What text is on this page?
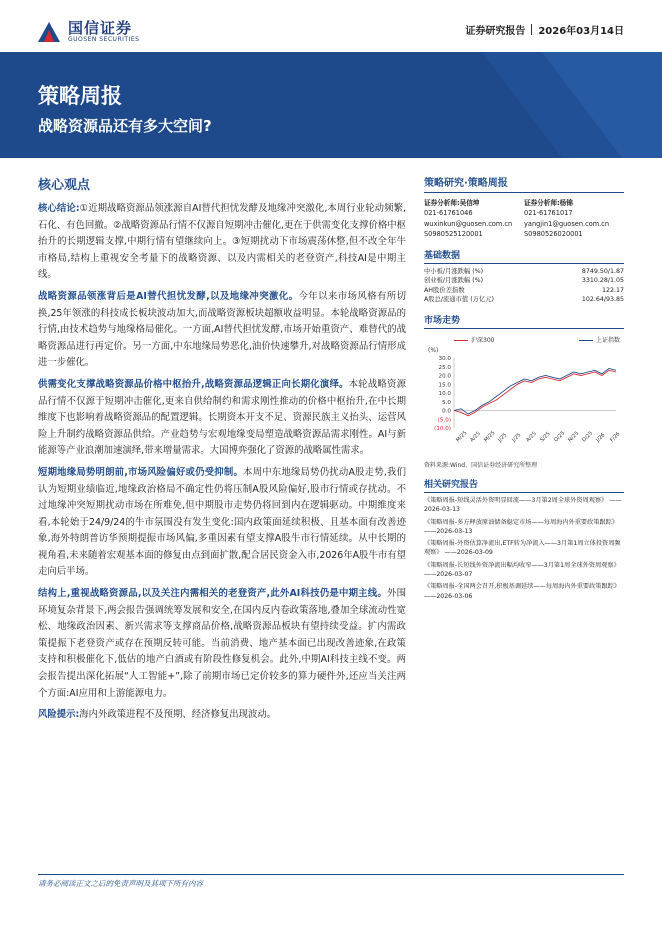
国信证券
GUOSEN SECURITIES
证券研究报告 2026年03月14日
策略周报
战略资源品还有多大空间?
核心观点

核心结论:①近期战略资源品领涨源自AI替代担忧发酵及地缘冲突激化,本周行业轮动频繁,石化、有色回撤。②战略资源品行情不仅源自短期冲击催化,更在于供需变化支撑价格中枢抬升的长期逻辑支撑,中期行情有望继续向上。③短期扰动下市场震荡休整,但不改全年牛市格局,结构上重视安全考量下的战略资源、以及内需相关的老登资产,科技AI是中期主线。

战略资源品领涨背后是AI替代担忧发酵,以及地缘冲突激化。今年以来市场风格有所切换,25年领涨的科技成长板块波动加大,而战略资源板块超额收益明显。本轮战略资源品的行情,由技术趋势与地缘格局催化。一方面,AI替代担忧发酵,市场开始重资产、难替代的战略资源品进行再定价。另一方面,中东地缘局势恶化,油价快速攀升,对战略资源品行情形成进一步催化。

供需变化支撑战略资源品价格中枢抬升,战略资源品逻辑正向长期化演绎。本轮战略资源品行情不仅源于短期冲击催化,更来自供给制约和需求刚性推动的价格中枢抬升,在中长期维度下也影响着战略资源品的配置逻辑。长期资本开支不足、资源民族主义抬头、运营风险上升制约战略资源品供给。产业趋势与宏观地缘变局塑造战略资源品需求刚性。AI与新能源等产业浪潮加速演绎,带来增量需求。大国博弈强化了资源的战略属性需求。

短期地缘局势明朗前,市场风险偏好或仍受抑制。本周中东地缘局势仍扰动A股走势,我们认为短期业绩临近,地缘政治格局不确定性仍将压制A股风险偏好,股市行情或存扰动。不过地缘冲突短期扰动市场在所难免,但中期股市走势仍将回到内在逻辑驱动。中期维度来看,本轮始于24/9/24的牛市氛围没有发生变化:国内政策面延续积极、且基本面有改善迹象,海外特朗普访华预期提振市场风偏,多重因素有望支撑A股牛市行情延续。从中长期的视角看,未来随着宏观基本面的修复由点到面扩散,配合居民资金入市,2026年A股牛市有望走向后半场。

结构上,重视战略资源品,以及关注内需相关的老登资产,此外AI科技仍是中期主线。外围环境复杂背景下,两会报告强调统筹发展和安全,在国内反内卷政策落地,叠加全球流动性宽松、地缘政治因素、新兴需求等支撑商品价格,战略资源品板块有望持续受益。扩内需政策提振下老登资产或存在预期反转可能。当前消费、地产基本面已出现改善迹象,在政策支持和积极催化下,低估的地产白酒或有阶段性修复机会。此外,中期AI科技主线不变。两会报告提出深化拓展“人工智能+”,除了前期市场已定价较多的算力硬件外,还应当关注两个方面:AI应用和上游能源电力。

风险提示:海内外政策进程不及预期、经济修复出现波动。

策略研究·策略周报
证券分析师:吴信坤
021-61761046
wuxinkun@guosen.com.cn
S0980525120001
证券分析师:杨锦
021-61761017
yangjin1@guosen.com.cn
S0980526020001
基础数据
中小板/月涨跌幅 (%)	8749.50/1.87
创业板/月涨跌幅 (%)	3310.28/1.05
AH股价差指数	122.17
A股总/流通市值 (万亿元)	102.64/93.85
市场走势
沪深300	上证指数
(%)
30.0
25.0
20.0
15.0
10.0
5.0
0.0
(5.0)
(10.0)
M/25 A/25 M/25 J/25 J/25 A/25 S/25 O/25 N/25 D/25 J/26 F/26
资料来源:Wind、国信证券经济研究所整理
相关研究报告
《策略周报-短线灵活外资明显回流——3月第2周全球外资周观察》 ——2026-03-13
《策略周报-多方释放原油储备稳定市场——每周海内外重要政策跟踪》 ——2026-03-13
《策略周报-外资估算净流出,ETF转为净流入——3月第1周立体投资周频观察》 ——2026-03-09
《策略周报-长短线外资净流出幅均收窄——3月第1周全球外资周观察》 ——2026-03-07
《策略周报-全国两会召开,积极基调延续——每周海内外重要政策跟踪》 ——2026-03-06
请务必阅读正文之后的免责声明及其项下所有内容
